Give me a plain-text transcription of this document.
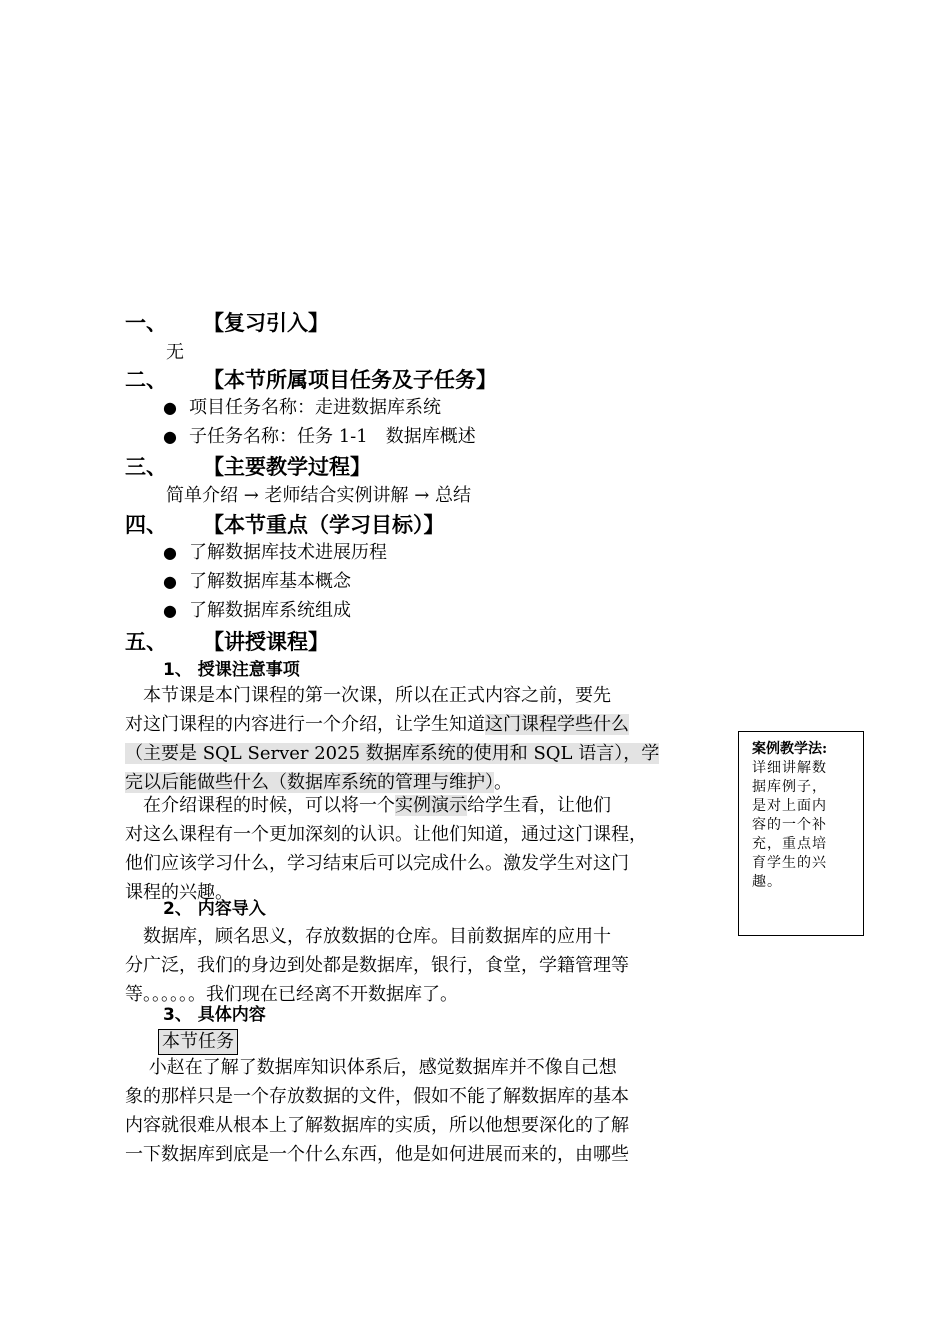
一、 【复习引入】
无
二、 【本节所属项目任务及子任务】
● 项目任务名称：走进数据库系统
● 子任务名称：任务 1-1　数据库概述
三、 【主要教学过程】
简单介绍 → 老师结合实例讲解 → 总结
四、 【本节重点（学习目标）】
● 了解数据库技术进展历程
● 了解数据库基本概念
● 了解数据库系统组成
五、 【讲授课程】
1、 授课注意事项
　本节课是本门课程的第一次课，所以在正式内容之前，要先
对这门课程的内容进行一个介绍，让学生知道这门课程学些什么
（主要是 SQL Server 2025 数据库系统的使用和 SQL 语言），学
完以后能做些什么（数据库系统的管理与维护）。
　在介绍课程的时候，可以将一个实例演示给学生看，让他们
对这么课程有一个更加深刻的认识。让他们知道，通过这门课程，
他们应该学习什么，学习结束后可以完成什么。激发学生对这门
课程的兴趣。
2、 内容导入
　数据库，顾名思义，存放数据的仓库。目前数据库的应用十
分广泛，我们的身边到处都是数据库，银行，食堂，学籍管理等
等。。。。。。我们现在已经离不开数据库了。
3、 具体内容
本节任务
　 小赵在了解了数据库知识体系后，感觉数据库并不像自己想
象的那样只是一个存放数据的文件，假如不能了解数据库的基本
内容就很难从根本上了解数据库的实质，所以他想要深化的了解
一下数据库到底是一个什么东西，他是如何进展而来的，由哪些
案例教学法:
详细讲解数
据库例子，
是对上面内
容的一个补
充，重点培
育学生的兴
趣。
